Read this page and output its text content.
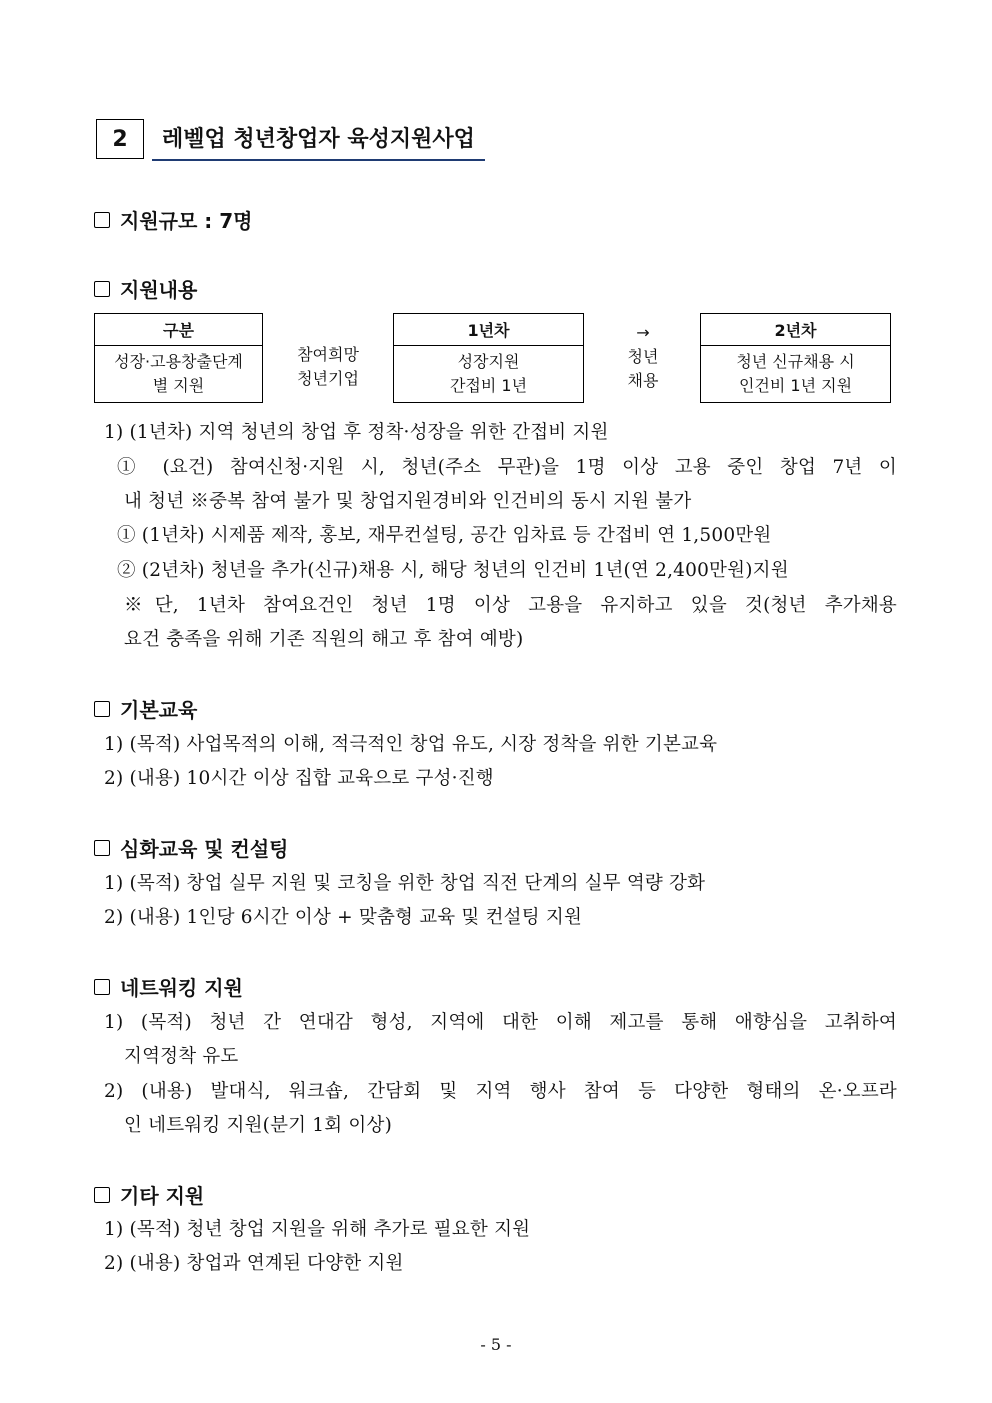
2	레벨업 청년창업자 육성지원사업
지원규모 : 7명
지원내용
구분
성장·고용창출단계
별 지원
참여희망
청년기업
1년차
성장지원
간접비 1년
→
청년
채용
2년차
청년 신규채용 시
인건비 1년 지원
1) (1년차) 지역 청년의 창업 후 정착·성장을 위한 간접비 지원
① (요건) 참여신청·지원 시, 청년(주소 무관)을 1명 이상 고용 중인 창업 7년 이
내 청년 ※중복 참여 불가 및 창업지원경비와 인건비의 동시 지원 불가
① (1년차) 시제품 제작, 홍보, 재무컨설팅, 공간 임차료 등 간접비 연 1,500만원
② (2년차) 청년을 추가(신규)채용 시, 해당 청년의 인건비 1년(연 2,400만원)지원
※단, 1년차 참여요건인 청년 1명 이상 고용을 유지하고 있을 것(청년 추가채용
요건 충족을 위해 기존 직원의 해고 후 참여 예방)
기본교육
1) (목적) 사업목적의 이해, 적극적인 창업 유도, 시장 정착을 위한 기본교육
2) (내용) 10시간 이상 집합 교육으로 구성·진행
심화교육 및 컨설팅
1) (목적) 창업 실무 지원 및 코칭을 위한 창업 직전 단계의 실무 역량 강화
2) (내용) 1인당 6시간 이상 + 맞춤형 교육 및 컨설팅 지원
네트워킹 지원
1) (목적) 청년 간 연대감 형성, 지역에 대한 이해 제고를 통해 애향심을 고취하여
지역정착 유도
2) (내용) 발대식, 워크숍, 간담회 및 지역 행사 참여 등 다양한 형태의 온·오프라
인 네트워킹 지원(분기 1회 이상)
기타 지원
1) (목적) 청년 창업 지원을 위해 추가로 필요한 지원
2) (내용) 창업과 연계된 다양한 지원
- 5 -
